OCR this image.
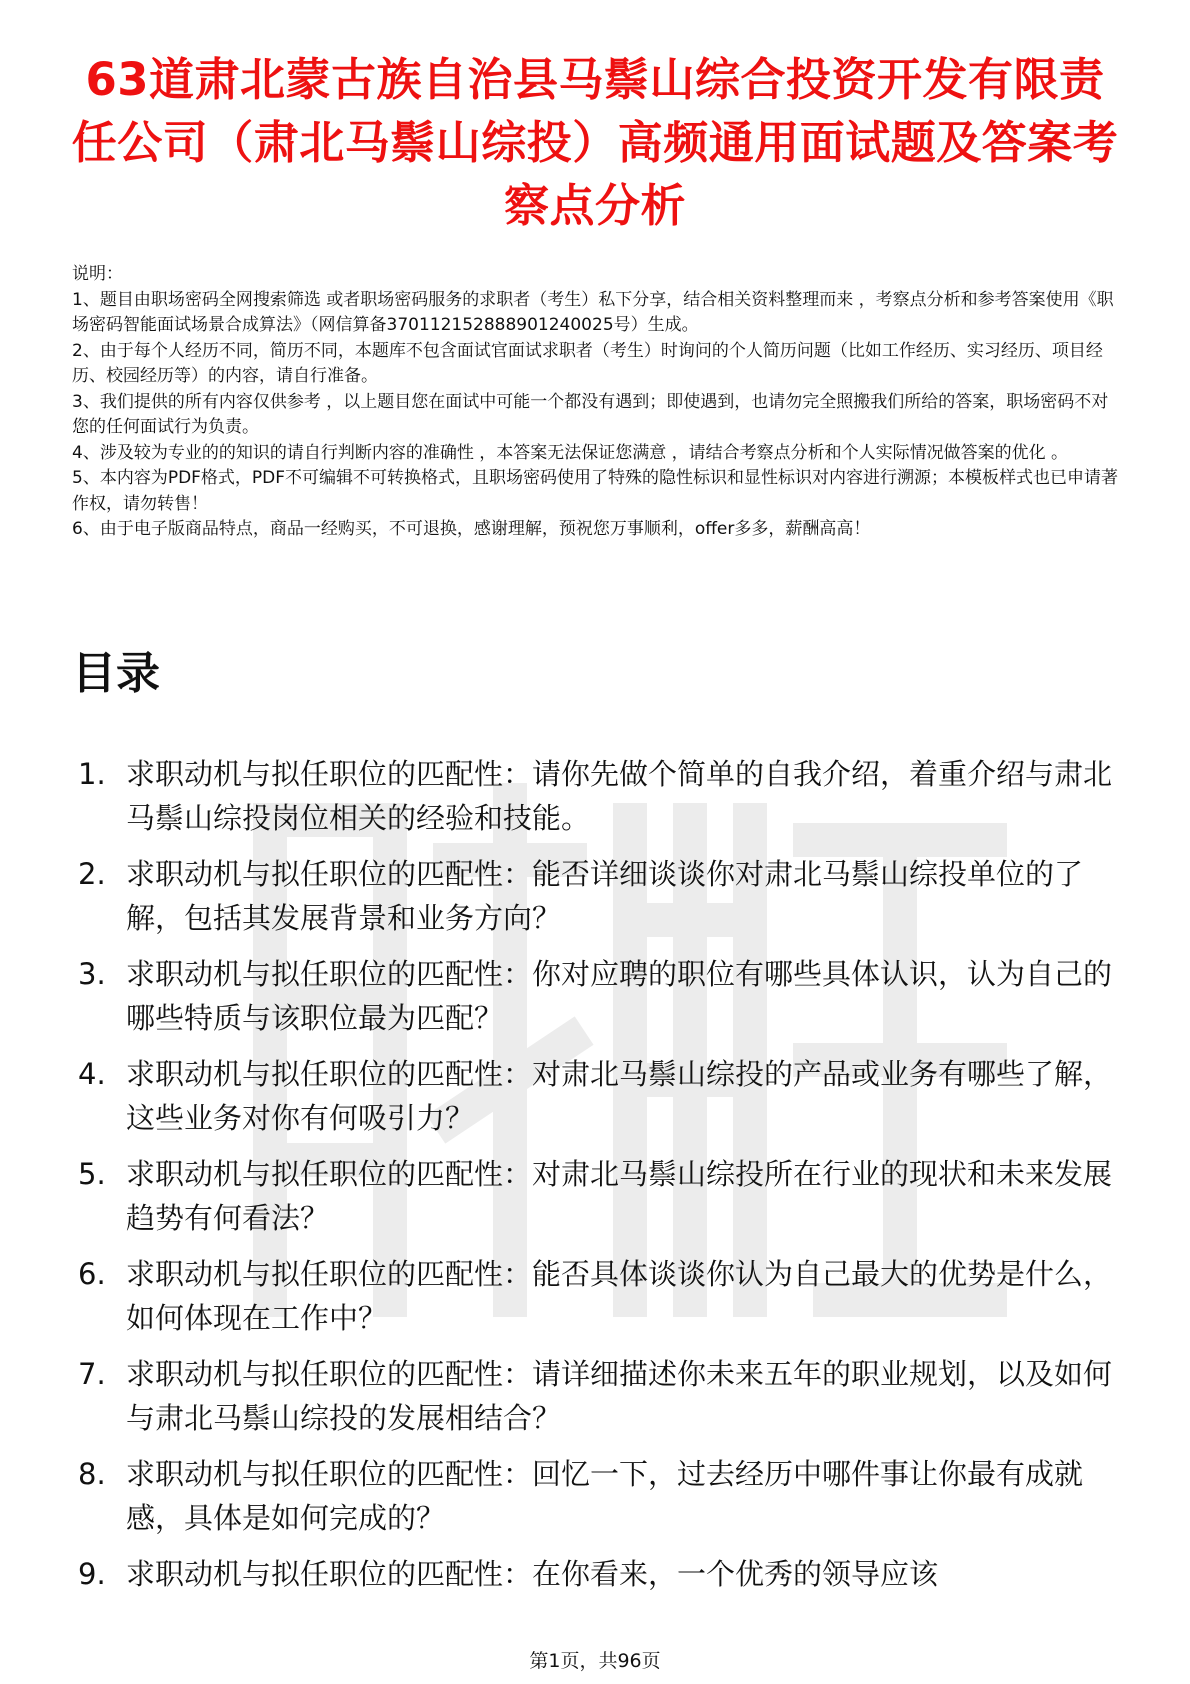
63道肃北蒙古族自治县马鬃山综合投资开发有限责任公司（肃北马鬃山综投）高频通用面试题及答案考察点分析

说明：

1、题目由职场密码全网搜索筛选 或者职场密码服务的求职者（考生）私下分享，结合相关资料整理而来 ，考察点分析和参考答案使用《职场密码智能面试场景合成算法》（网信算备370112152888901240025号）生成。

2、由于每个人经历不同，简历不同，本题库不包含面试官面试求职者（考生）时询问的个人简历问题（比如工作经历、实习经历、项目经历、校园经历等）的内容，请自行准备。

3、我们提供的所有内容仅供参考 ，以上题目您在面试中可能一个都没有遇到；即使遇到，也请勿完全照搬我们所给的答案，职场密码不对您的任何面试行为负责。

4、涉及较为专业的的知识的请自行判断内容的准确性 ，本答案无法保证您满意 ，请结合考察点分析和个人实际情况做答案的优化 。

5、本内容为PDF格式，PDF不可编辑不可转换格式，且职场密码使用了特殊的隐性标识和显性标识对内容进行溯源；本模板样式也已申请著作权，请勿转售！

6、由于电子版商品特点，商品一经购买，不可退换，感谢理解，预祝您万事顺利，offer多多，薪酬高高！

目录
1. 求职动机与拟任职位的匹配性：请你先做个简单的自我介绍，着重介绍与肃北马鬃山综投岗位相关的经验和技能。
2. 求职动机与拟任职位的匹配性：能否详细谈谈你对肃北马鬃山综投单位的了解，包括其发展背景和业务方向？
3. 求职动机与拟任职位的匹配性：你对应聘的职位有哪些具体认识，认为自己的哪些特质与该职位最为匹配？
4. 求职动机与拟任职位的匹配性：对肃北马鬃山综投的产品或业务有哪些了解，这些业务对你有何吸引力？
5. 求职动机与拟任职位的匹配性：对肃北马鬃山综投所在行业的现状和未来发展趋势有何看法？
6. 求职动机与拟任职位的匹配性：能否具体谈谈你认为自己最大的优势是什么，如何体现在工作中？
7. 求职动机与拟任职位的匹配性：请详细描述你未来五年的职业规划，以及如何与肃北马鬃山综投的发展相结合？
8. 求职动机与拟任职位的匹配性：回忆一下，过去经历中哪件事让你最有成就感，具体是如何完成的？
9. 求职动机与拟任职位的匹配性：在你看来，一个优秀的领导应该
第1页，共96页
